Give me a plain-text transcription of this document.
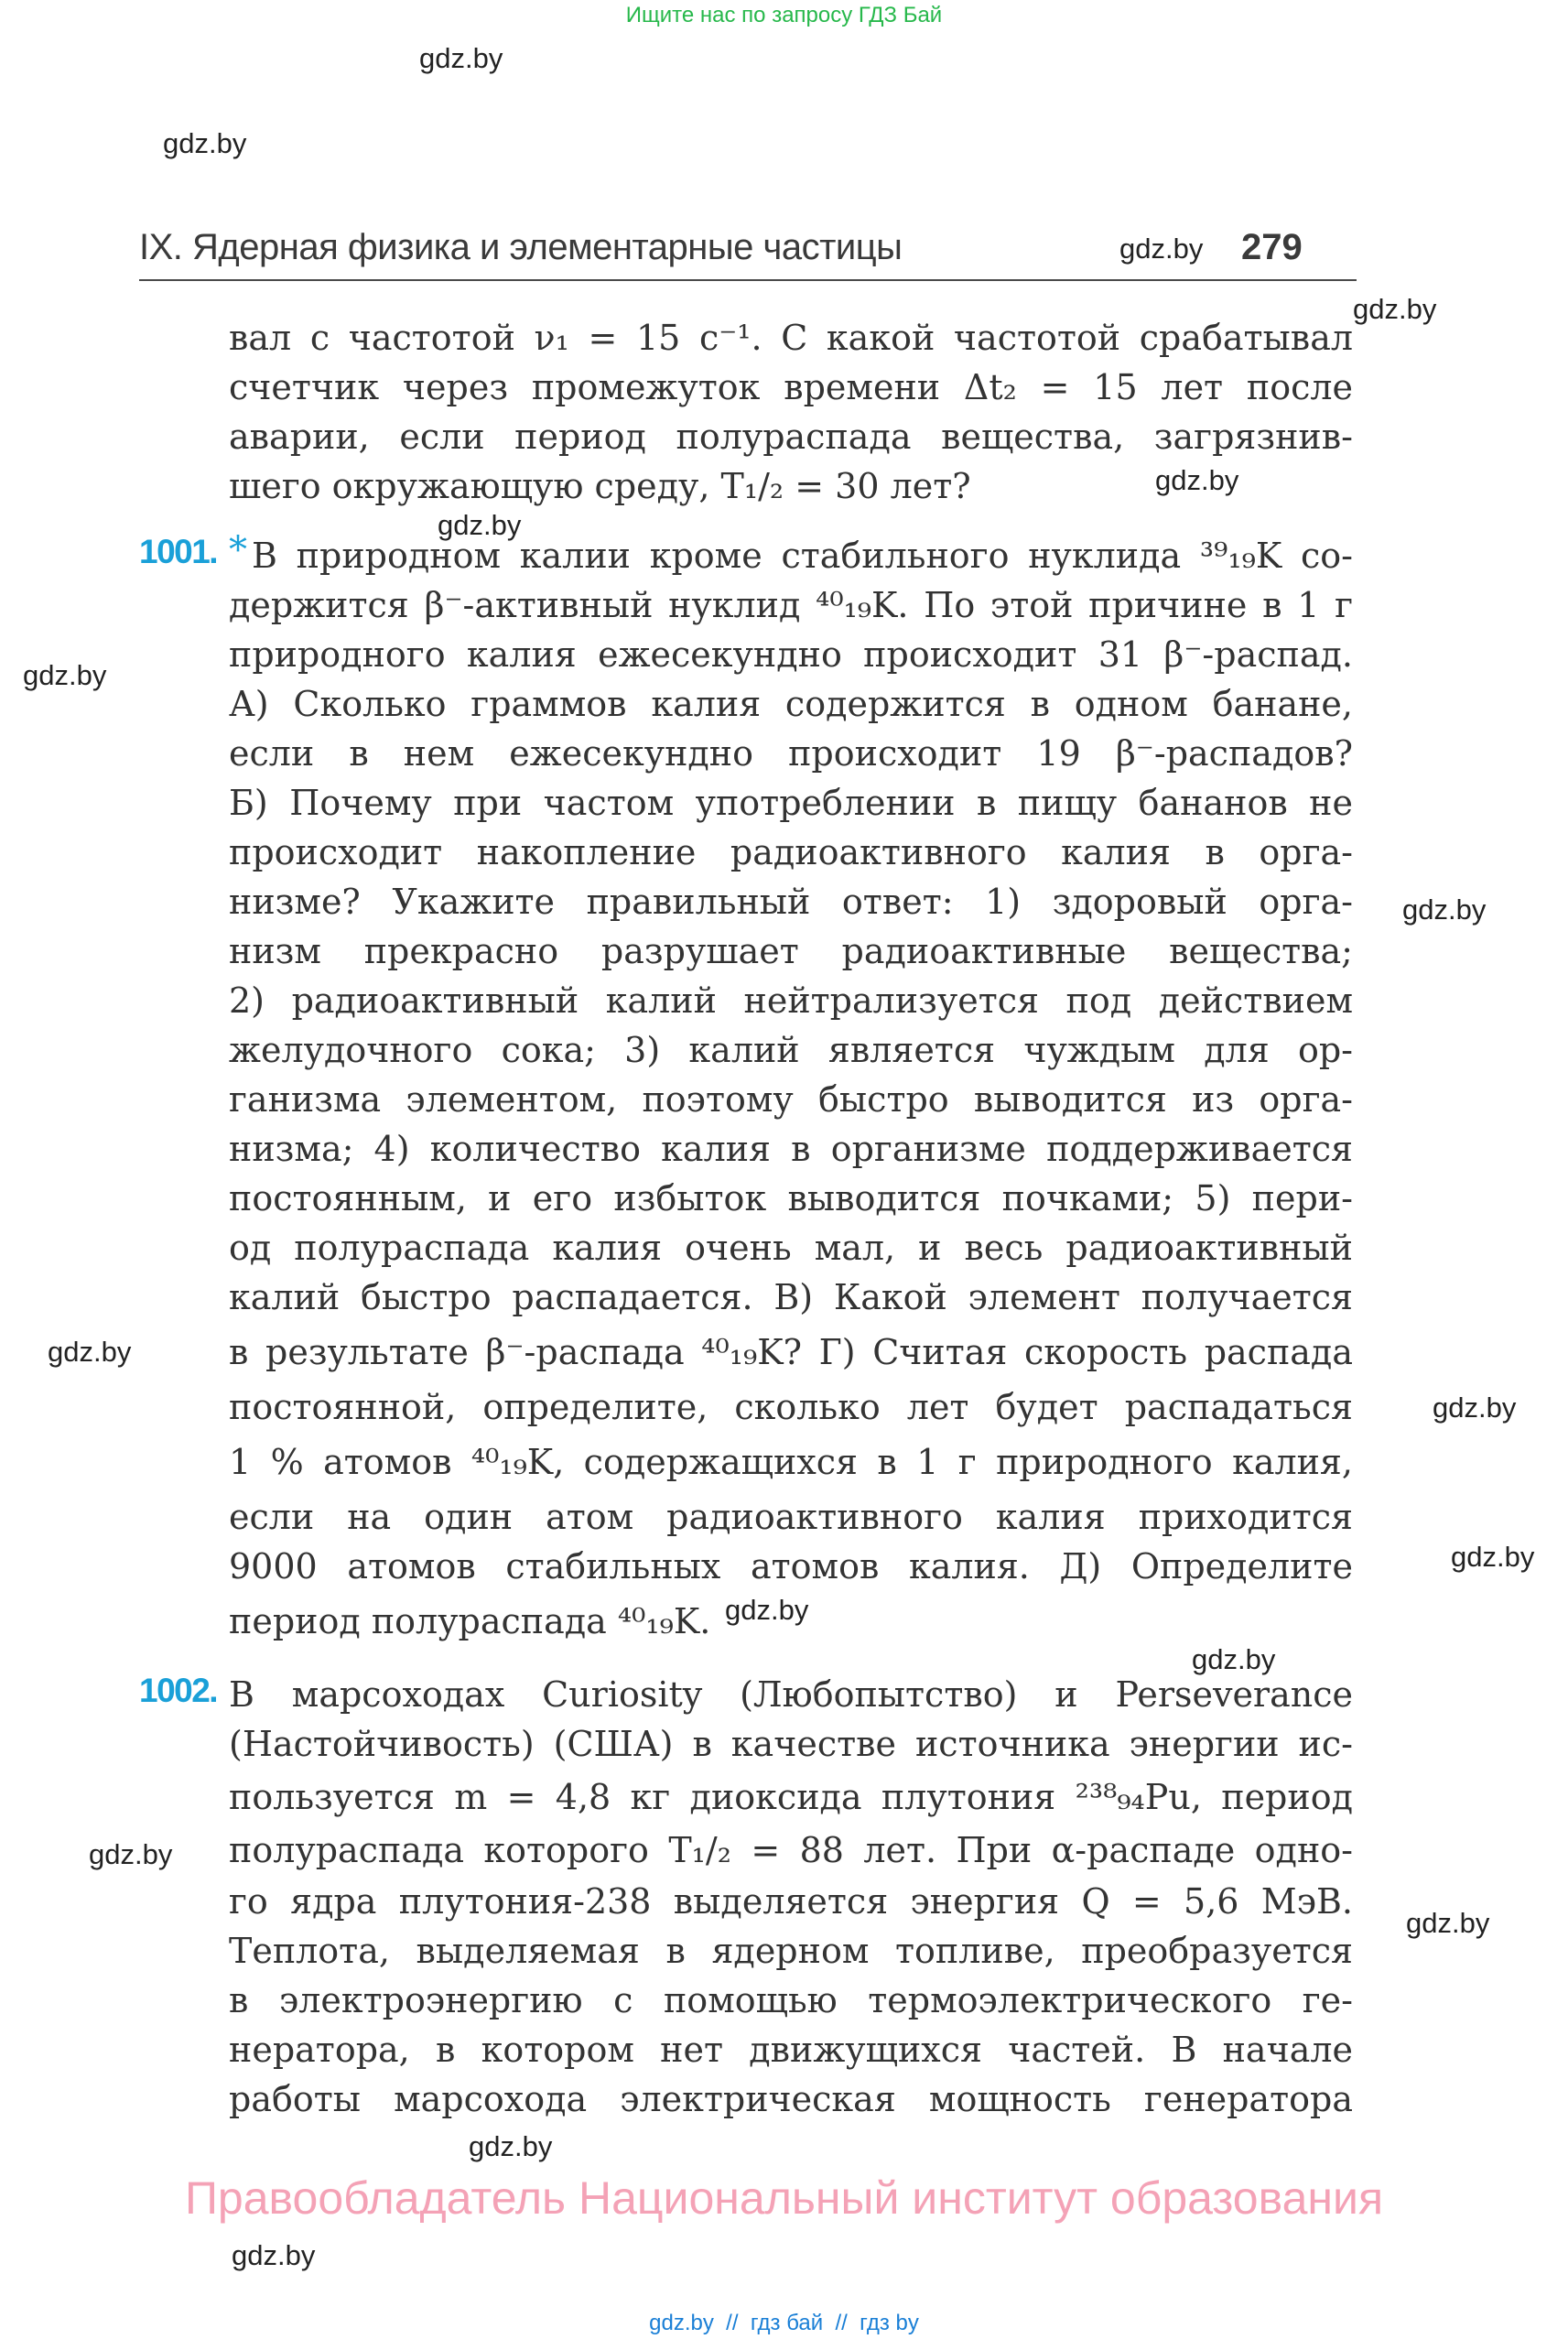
Ищите нас по запросу ГДЗ Бай
gdz.by
gdz.by
gdz.by
gdz.by
gdz.by
gdz.by
gdz.by
gdz.by
gdz.by
gdz.by
gdz.by
gdz.by
gdz.by
gdz.by
gdz.by
gdz.by
gdz.by
IX. Ядерная физика и элементарные частицы	279
вал с частотой ν₁ = 15 с⁻¹. С какой частотой срабатывал
счетчик через промежуток времени Δt₂ = 15 лет после
аварии, если период полураспада вещества, загрязнив-
шего окружающую среду, T₁/₂ = 30 лет?
1001. * В природном калии кроме стабильного нуклида ³⁹₁₉K со-
держится β⁻-активный нуклид ⁴⁰₁₉K. По этой причине в 1 г
природного калия ежесекундно происходит 31 β⁻-распад.
А) Сколько граммов калия содержится в одном банане,
если в нем ежесекундно происходит 19 β⁻-распадов?
Б) Почему при частом употреблении в пищу бананов не
происходит накопление радиоактивного калия в орга-
низме? Укажите правильный ответ: 1) здоровый орга-
низм прекрасно разрушает радиоактивные вещества;
2) радиоактивный калий нейтрализуется под действием
желудочного сока; 3) калий является чуждым для ор-
ганизма элементом, поэтому быстро выводится из орга-
низма; 4) количество калия в организме поддерживается
постоянным, и его избыток выводится почками; 5) пери-
од полураспада калия очень мал, и весь радиоактивный
калий быстро распадается. В) Какой элемент получается
в результате β⁻-распада ⁴⁰₁₉K? Г) Считая скорость распада
постоянной, определите, сколько лет будет распадаться
1 % атомов ⁴⁰₁₉K, содержащихся в 1 г природного калия,
если на один атом радиоактивного калия приходится
9000 атомов стабильных атомов калия. Д) Определите
период полураспада ⁴⁰₁₉K.
1002. В марсоходах Curiosity (Любопытство) и Perseverance
(Настойчивость) (США) в качестве источника энергии ис-
пользуется m = 4,8 кг диоксида плутония ²³⁸₉₄Pu, период
полураспада которого T₁/₂ = 88 лет. При α-распаде одно-
го ядра плутония-238 выделяется энергия Q = 5,6 МэВ.
Теплота, выделяемая в ядерном топливе, преобразуется
в электроэнергию с помощью термоэлектрического ге-
нератора, в котором нет движущихся частей. В начале
работы марсохода электрическая мощность генератора
Правообладатель Национальный институт образования
gdz.by  //  гдз бай  //  гдз by
